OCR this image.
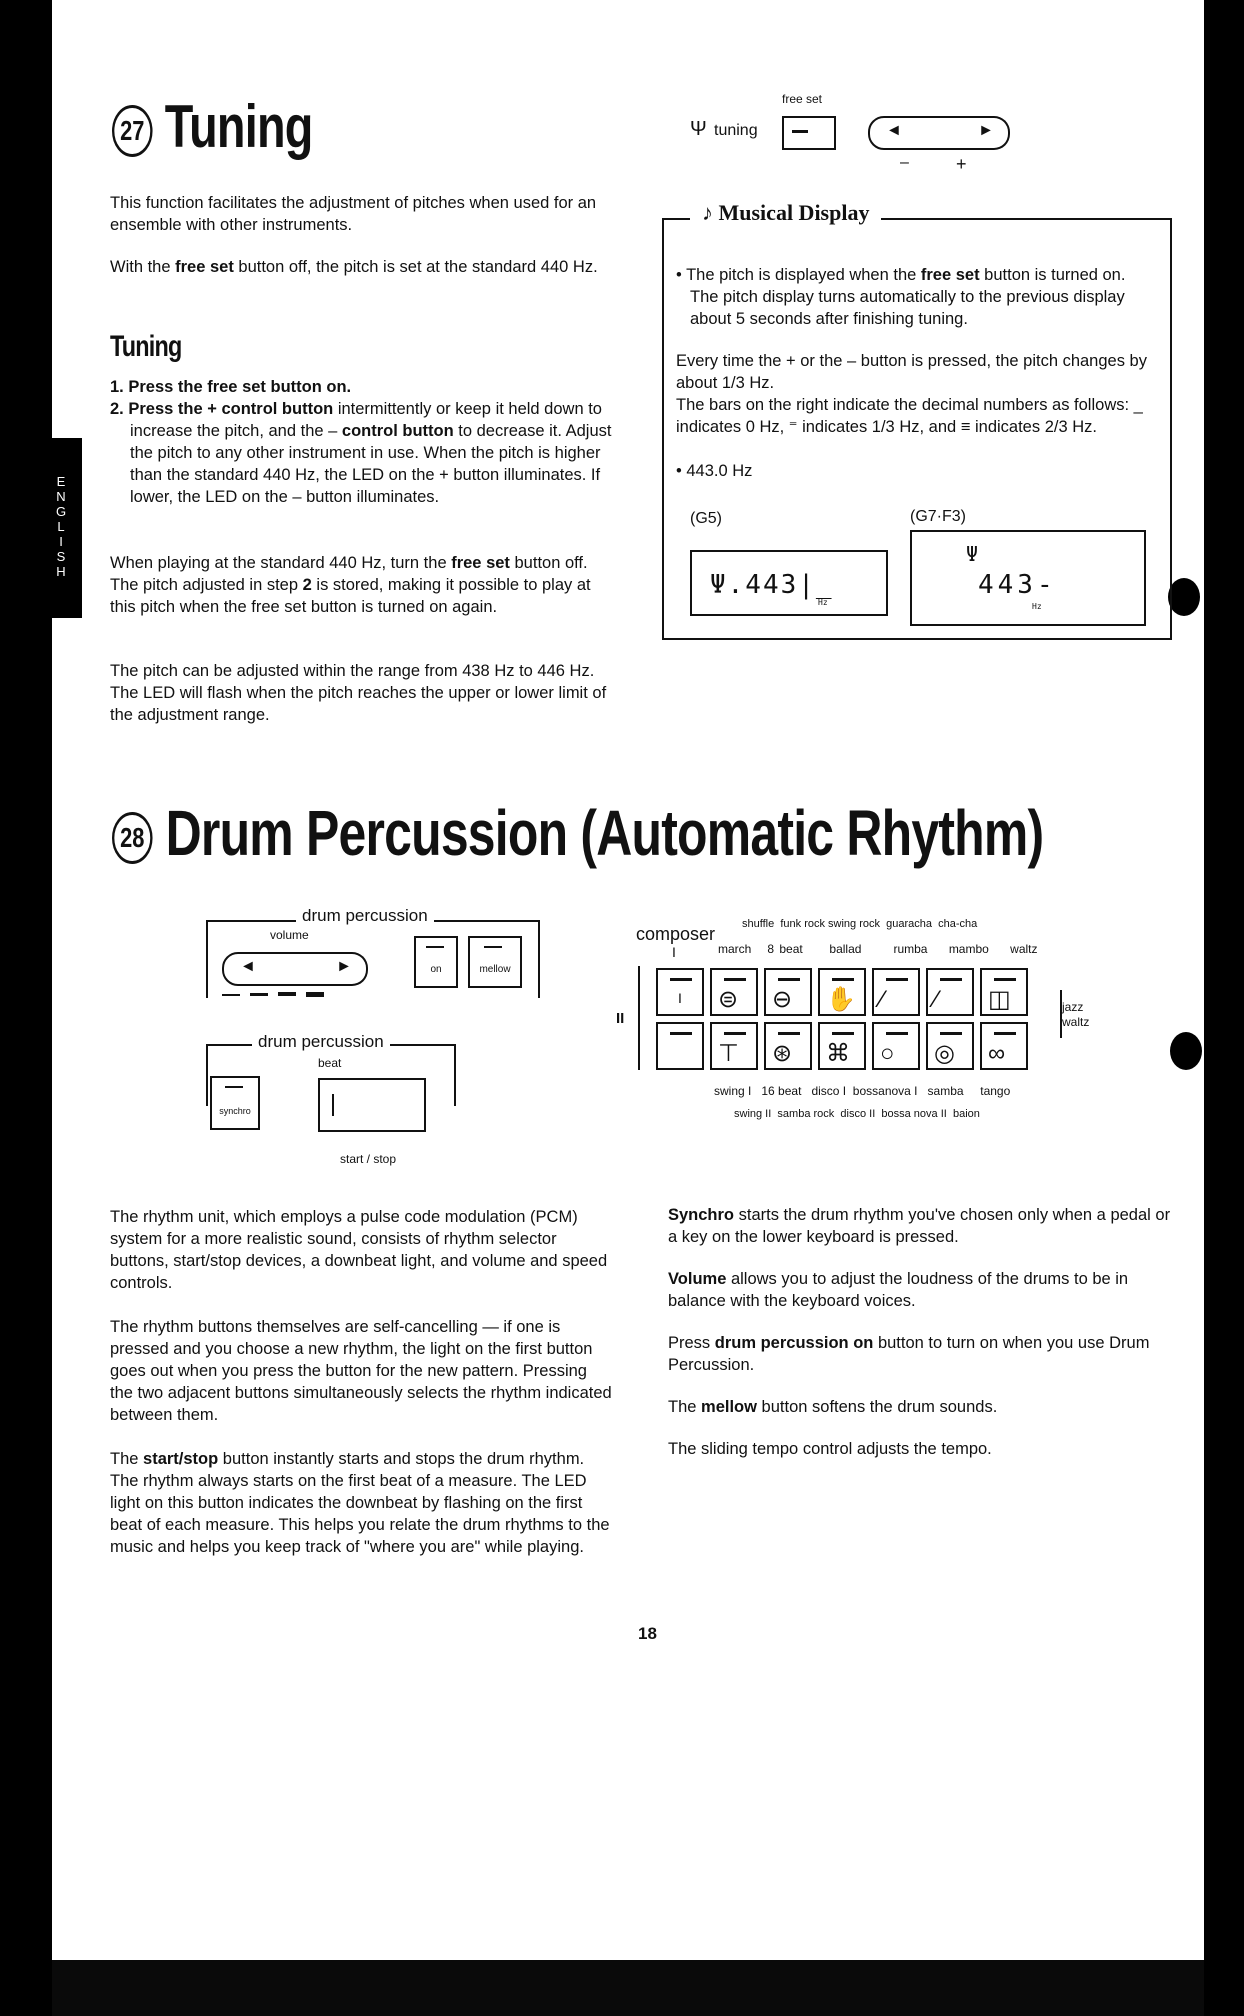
E
N
G
L
I
S
H
27 Tuning	free set
Ψ tuning	◄	►
–	+

This function facilitates the adjustment of pitches when used for an ensemble with other instruments.

With the free set button off, the pitch is set at the standard 440 Hz.

Tuning

1. Press the free set button on.

2. Press the + control button intermittently or keep it held down to increase the pitch, and the – control button to decrease it. Adjust the pitch to any other instrument in use. When the pitch is higher than the standard 440 Hz, the LED on the + button illuminates. If lower, the LED on the – button illuminates.

When playing at the standard 440 Hz, turn the free set button off.

The pitch adjusted in step 2 is stored, making it possible to play at this pitch when the free set button is turned on again.

The pitch can be adjusted within the range from 438 Hz to 446 Hz. The LED will flash when the pitch reaches the upper or lower limit of the adjustment range.

♪ Musical Display

• The pitch is displayed when the free set button is turned on. The pitch display turns automatically to the previous display about 5 seconds after finishing tuning.

Every time the + or the – button is pressed, the pitch changes by about 1/3 Hz.

The bars on the right indicate the decimal numbers as follows: _ indicates 0 Hz, ⁼ indicates 1/3 Hz, and ≡ indicates 2/3 Hz.

• 443.0 Hz

(G5)	(G7·F3)
Ψ.443|_
Hz
Ψ
443-
Hz
28 Drum Percussion (Automatic Rhythm)
drum percussion
volume
◄	►	on	mellow
drum percussion
beat
synchro
start / stop
composer
I
shuffle funk rock swing rock guaracha cha-cha
march 8 beat ballad	rumba mambo waltz
II
jazz waltz
I ⊜ ⊖ ✋ ⁄ ⁄ ◫
⊤ ⊛ ⌘ ○ ◎ ∞
swing I 16 beat disco I bossanova I samba tango
swing II samba rock disco II bossa nova II baion

The rhythm unit, which employs a pulse code modulation (PCM) system for a more realistic sound, consists of rhythm selector buttons, start/stop devices, a downbeat light, and volume and speed controls.

The rhythm buttons themselves are self-cancelling — if one is pressed and you choose a new rhythm, the light on the first button goes out when you press the button for the new pattern. Pressing the two adjacent buttons simultaneously selects the rhythm indicated between them.

The start/stop button instantly starts and stops the drum rhythm. The rhythm always starts on the first beat of a measure. The LED light on this button indicates the downbeat by flashing on the first beat of each measure. This helps you relate the drum rhythms to the music and helps you keep track of "where you are" while playing.

Synchro starts the drum rhythm you've chosen only when a pedal or a key on the lower keyboard is pressed.

Volume allows you to adjust the loudness of the drums to be in balance with the keyboard voices.

Press drum percussion on button to turn on when you use Drum Percussion.

The mellow button softens the drum sounds.

The sliding tempo control adjusts the tempo.

18
